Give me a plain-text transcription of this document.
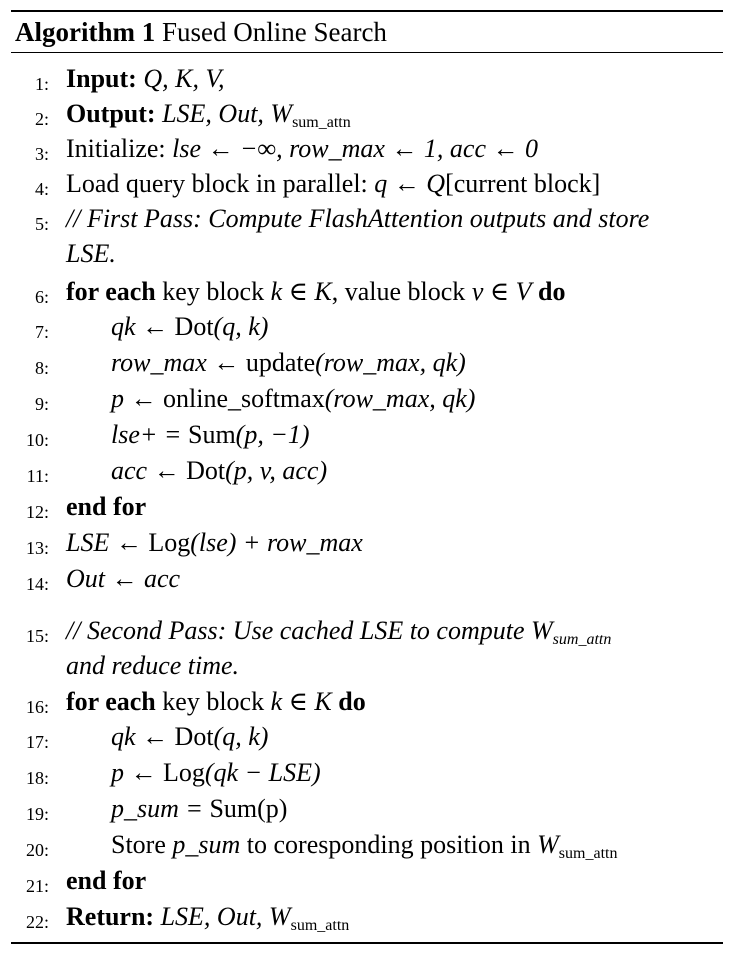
Algorithm 1 Fused Online Search
1: Input: Q, K, V,
2: Output: LSE, Out, $W_{sum\_attn}$
3: Initialize: lse ← −∞, row_max ← 1, acc ← 0
4: Load query block in parallel: q ← Q[current block]
5: // First Pass: Compute FlashAttention outputs and store
LSE.
6: for each key block k ∈ K, value block v ∈ V do
7: qk ← Dot(q, k)
8: row_max ← update(row_max, qk)
9: p ← online_softmax(row_max, qk)
10: lse+ = Sum(p, −1)
11: acc ← Dot(p, v, acc)
12: end for
13: LSE ← Log(lse) + row_max
14: Out ← acc
15: // Second Pass: Use cached LSE to compute Wsum_attn
and reduce time.
16: for each key block k ∈ K do
17: qk ← Dot(q, k)
18: p ← Log(qk − LSE)
19: p_sum = Sum(p)
20: Store p_sum to coresponding position in $W_{sum\_attn}$
21: end for
22: Return: LSE, Out, $W_{sum\_attn}$
